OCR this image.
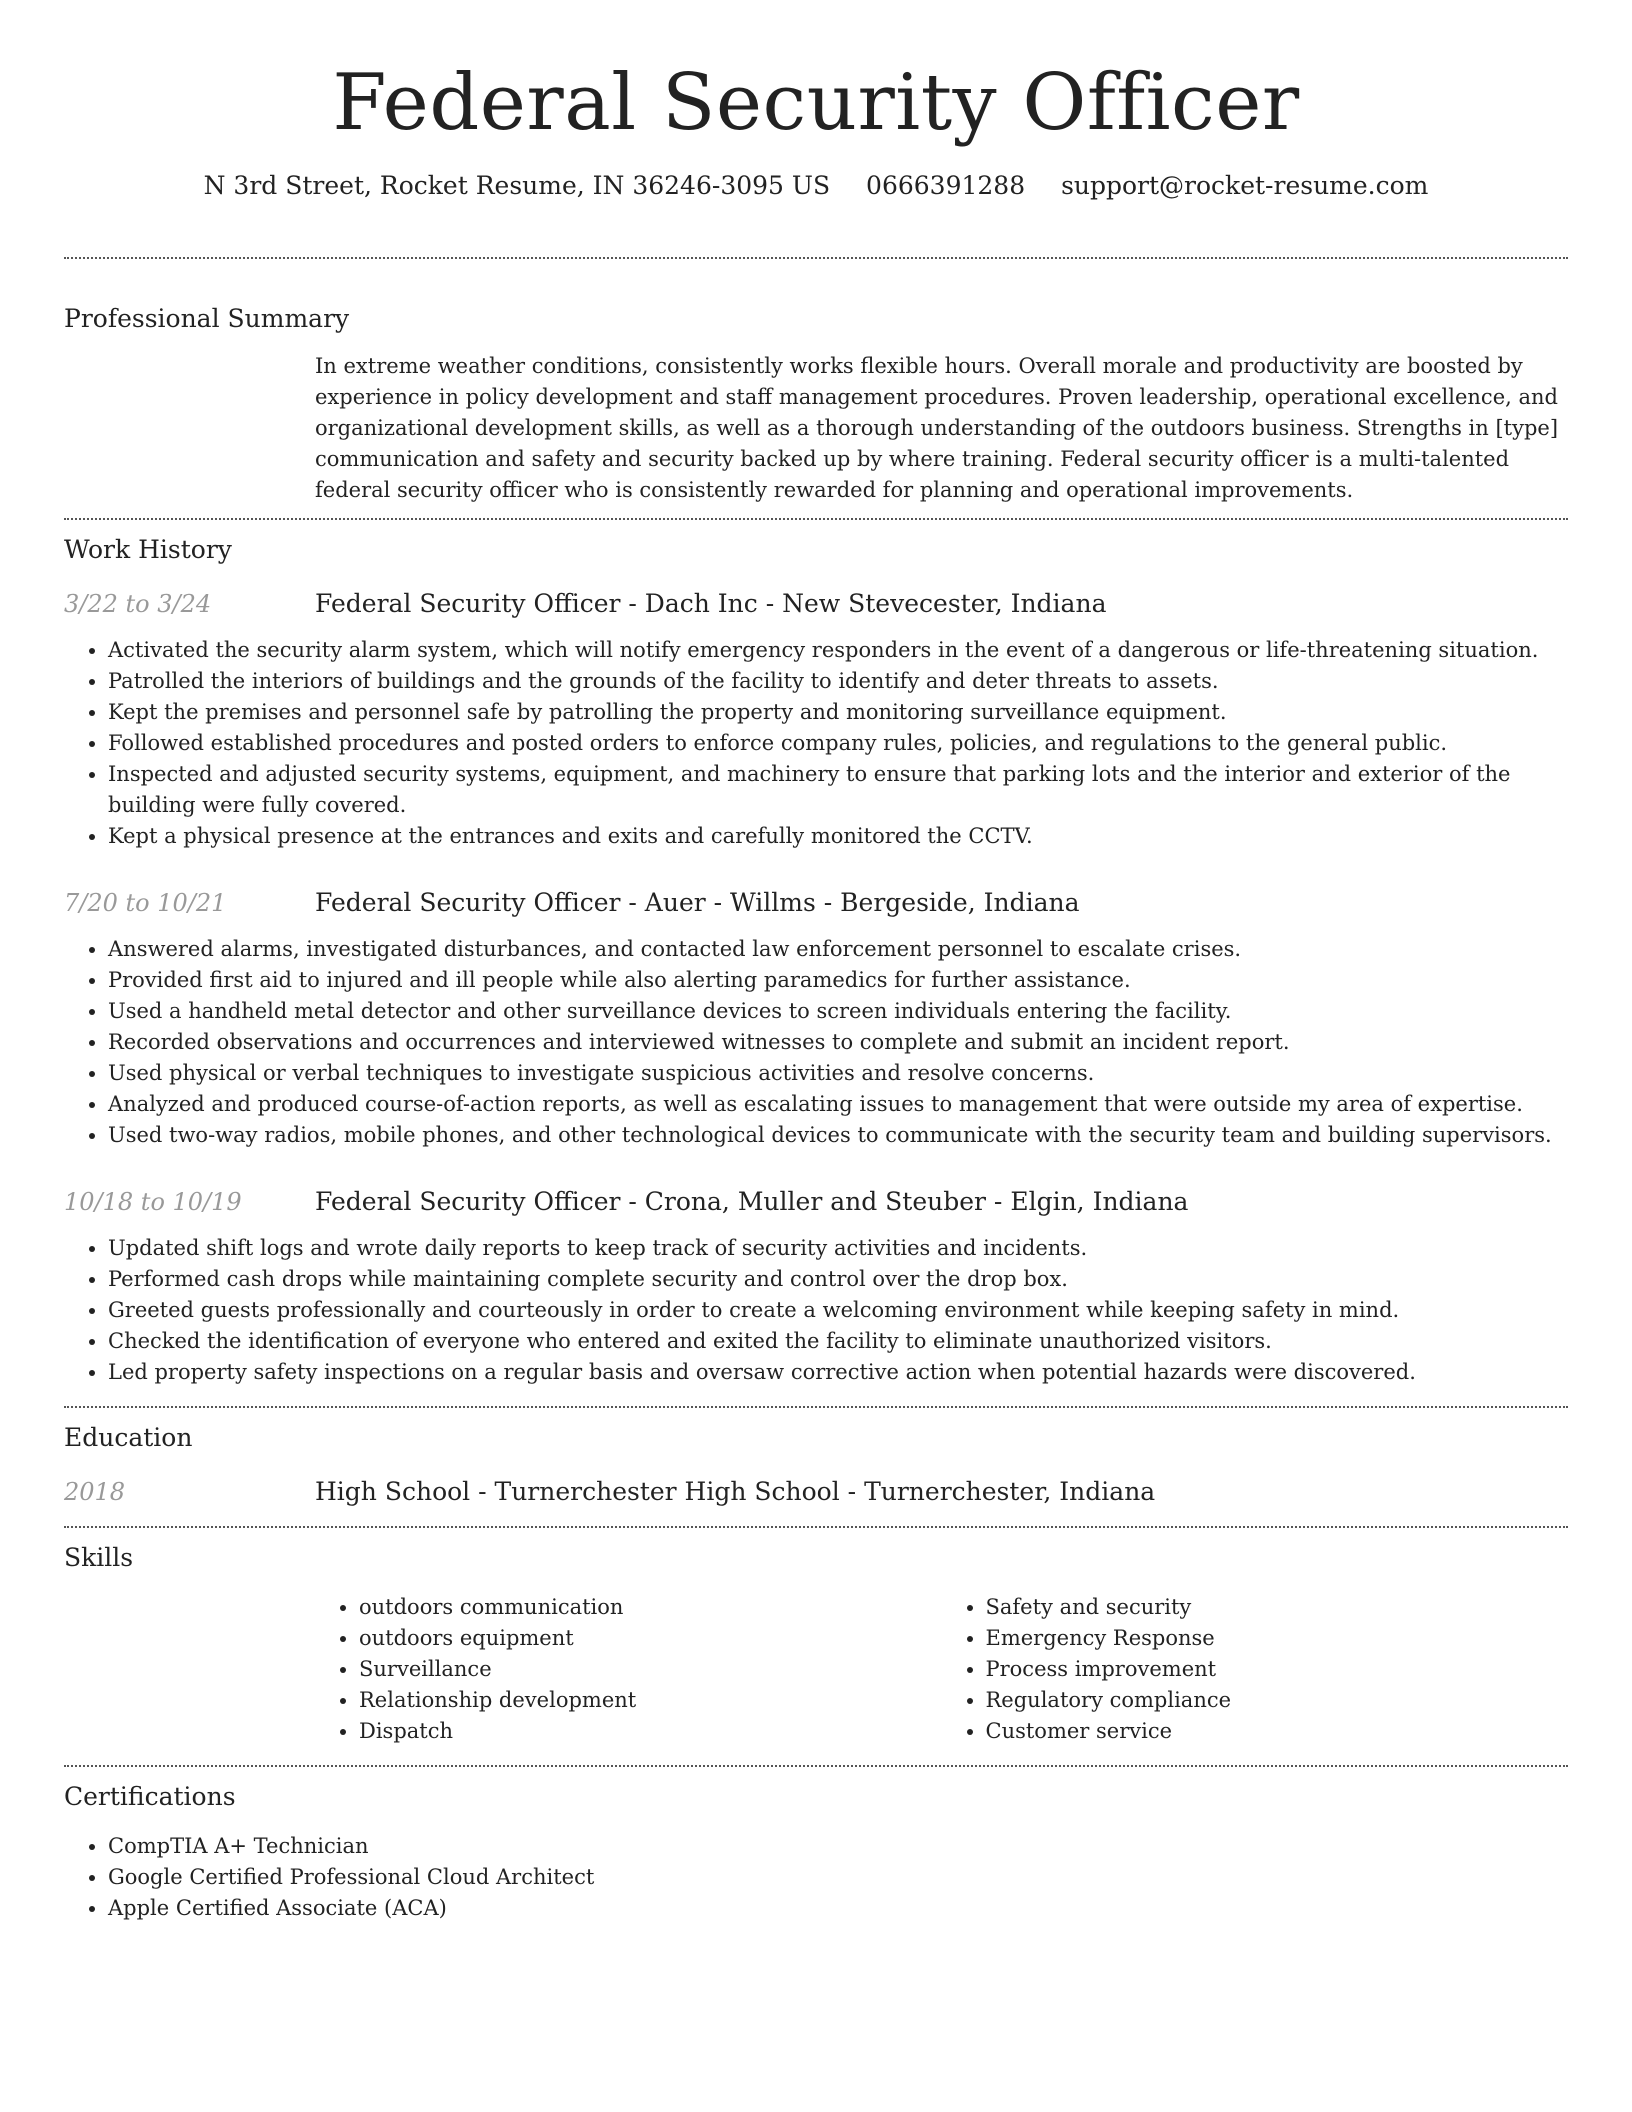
Federal Security Officer
N 3rd Street, Rocket Resume, IN 36246-3095 US 0666391288 support@rocket-resume.com
Professional Summary
In extreme weather conditions, consistently works flexible hours. Overall morale and productivity are boosted by experience in policy development and staff management procedures. Proven leadership, operational excellence, and organizational development skills, as well as a thorough understanding of the outdoors business. Strengths in [type] communication and safety and security backed up by where training. Federal security officer is a multi-talented federal security officer who is consistently rewarded for planning and operational improvements.
Work History
3/22 to 3/24	Federal Security Officer - Dach Inc - New Stevecester, Indiana
• Activated the security alarm system, which will notify emergency responders in the event of a dangerous or life-threatening situation.
• Patrolled the interiors of buildings and the grounds of the facility to identify and deter threats to assets.
• Kept the premises and personnel safe by patrolling the property and monitoring surveillance equipment.
• Followed established procedures and posted orders to enforce company rules, policies, and regulations to the general public.
• Inspected and adjusted security systems, equipment, and machinery to ensure that parking lots and the interior and exterior of the building were fully covered.
• Kept a physical presence at the entrances and exits and carefully monitored the CCTV.
7/20 to 10/21	Federal Security Officer - Auer - Willms - Bergeside, Indiana
• Answered alarms, investigated disturbances, and contacted law enforcement personnel to escalate crises.
• Provided first aid to injured and ill people while also alerting paramedics for further assistance.
• Used a handheld metal detector and other surveillance devices to screen individuals entering the facility.
• Recorded observations and occurrences and interviewed witnesses to complete and submit an incident report.
• Used physical or verbal techniques to investigate suspicious activities and resolve concerns.
• Analyzed and produced course-of-action reports, as well as escalating issues to management that were outside my area of expertise.
• Used two-way radios, mobile phones, and other technological devices to communicate with the security team and building supervisors.
10/18 to 10/19	Federal Security Officer - Crona, Muller and Steuber - Elgin, Indiana
• Updated shift logs and wrote daily reports to keep track of security activities and incidents.
• Performed cash drops while maintaining complete security and control over the drop box.
• Greeted guests professionally and courteously in order to create a welcoming environment while keeping safety in mind.
• Checked the identification of everyone who entered and exited the facility to eliminate unauthorized visitors.
• Led property safety inspections on a regular basis and oversaw corrective action when potential hazards were discovered.
Education
2018	High School - Turnerchester High School - Turnerchester, Indiana
Skills
• outdoors communication
• outdoors equipment
• Surveillance
• Relationship development
• Dispatch
• Safety and security
• Emergency Response
• Process improvement
• Regulatory compliance
• Customer service
Certifications
• CompTIA A+ Technician
• Google Certified Professional Cloud Architect
• Apple Certified Associate (ACA)
